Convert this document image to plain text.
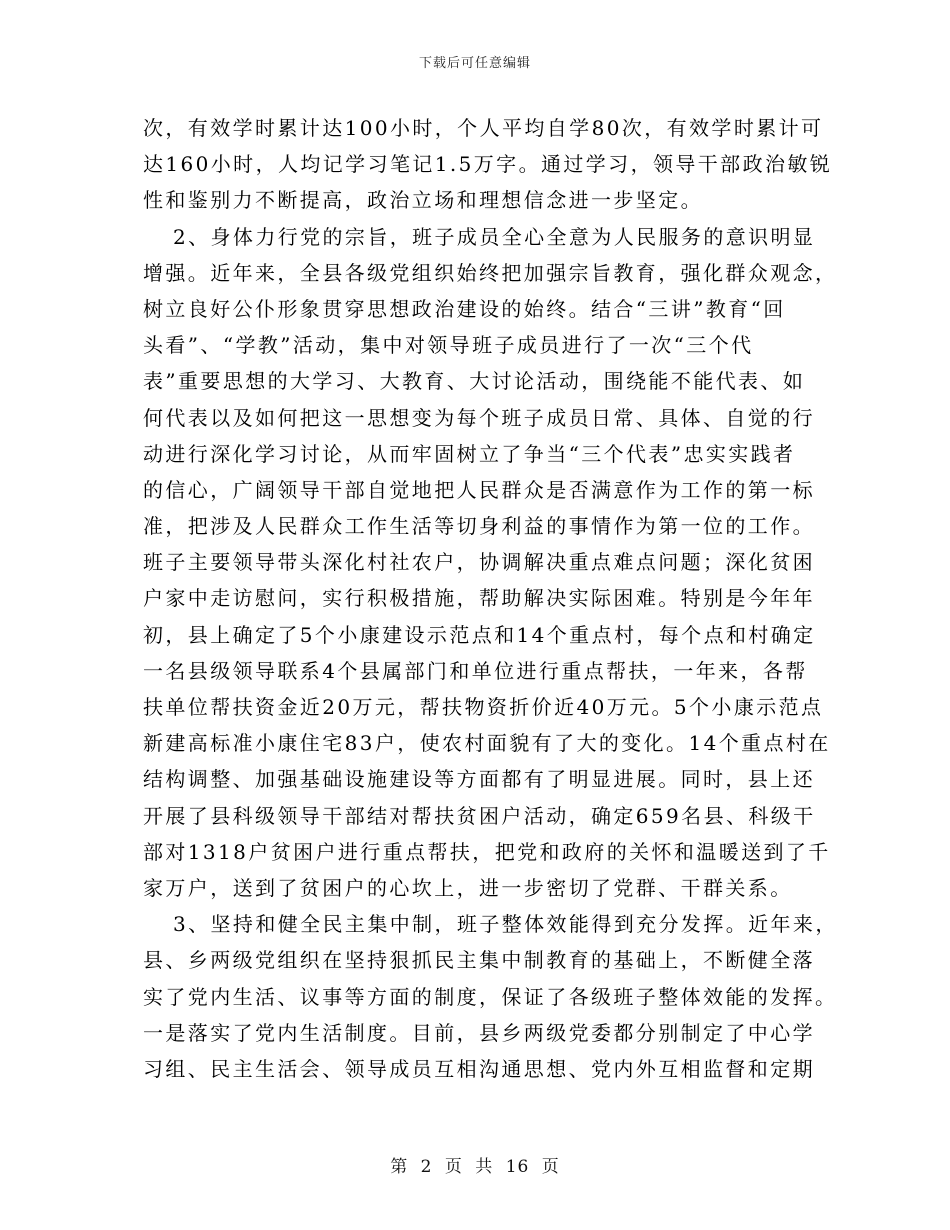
下载后可任意编辑
次，有效学时累计达100小时，个人平均自学80次，有效学时累计可
达160小时，人均记学习笔记1.5万字。通过学习，领导干部政治敏锐
性和鉴别力不断提高，政治立场和理想信念进一步坚定。
2、身体力行党的宗旨，班子成员全心全意为人民服务的意识明显
增强。近年来，全县各级党组织始终把加强宗旨教育，强化群众观念，
树立良好公仆形象贯穿思想政治建设的始终。结合“三讲”教育“回
头看”、“学教”活动，集中对领导班子成员进行了一次“三个代
表”重要思想的大学习、大教育、大讨论活动，围绕能不能代表、如
何代表以及如何把这一思想变为每个班子成员日常、具体、自觉的行
动进行深化学习讨论，从而牢固树立了争当“三个代表”忠实实践者
的信心，广阔领导干部自觉地把人民群众是否满意作为工作的第一标
准，把涉及人民群众工作生活等切身利益的事情作为第一位的工作。
班子主要领导带头深化村社农户，协调解决重点难点问题；深化贫困
户家中走访慰问，实行积极措施，帮助解决实际困难。特别是今年年
初，县上确定了5个小康建设示范点和14个重点村，每个点和村确定
一名县级领导联系4个县属部门和单位进行重点帮扶，一年来，各帮
扶单位帮扶资金近20万元，帮扶物资折价近40万元。5个小康示范点
新建高标准小康住宅83户，使农村面貌有了大的变化。14个重点村在
结构调整、加强基础设施建设等方面都有了明显进展。同时，县上还
开展了县科级领导干部结对帮扶贫困户活动，确定659名县、科级干
部对1318户贫困户进行重点帮扶，把党和政府的关怀和温暖送到了千
家万户，送到了贫困户的心坎上，进一步密切了党群、干群关系。
3、坚持和健全民主集中制，班子整体效能得到充分发挥。近年来，
县、乡两级党组织在坚持狠抓民主集中制教育的基础上，不断健全落
实了党内生活、议事等方面的制度，保证了各级班子整体效能的发挥。
一是落实了党内生活制度。目前，县乡两级党委都分别制定了中心学
习组、民主生活会、领导成员互相沟通思想、党内外互相监督和定期
第 2 页 共 16 页
